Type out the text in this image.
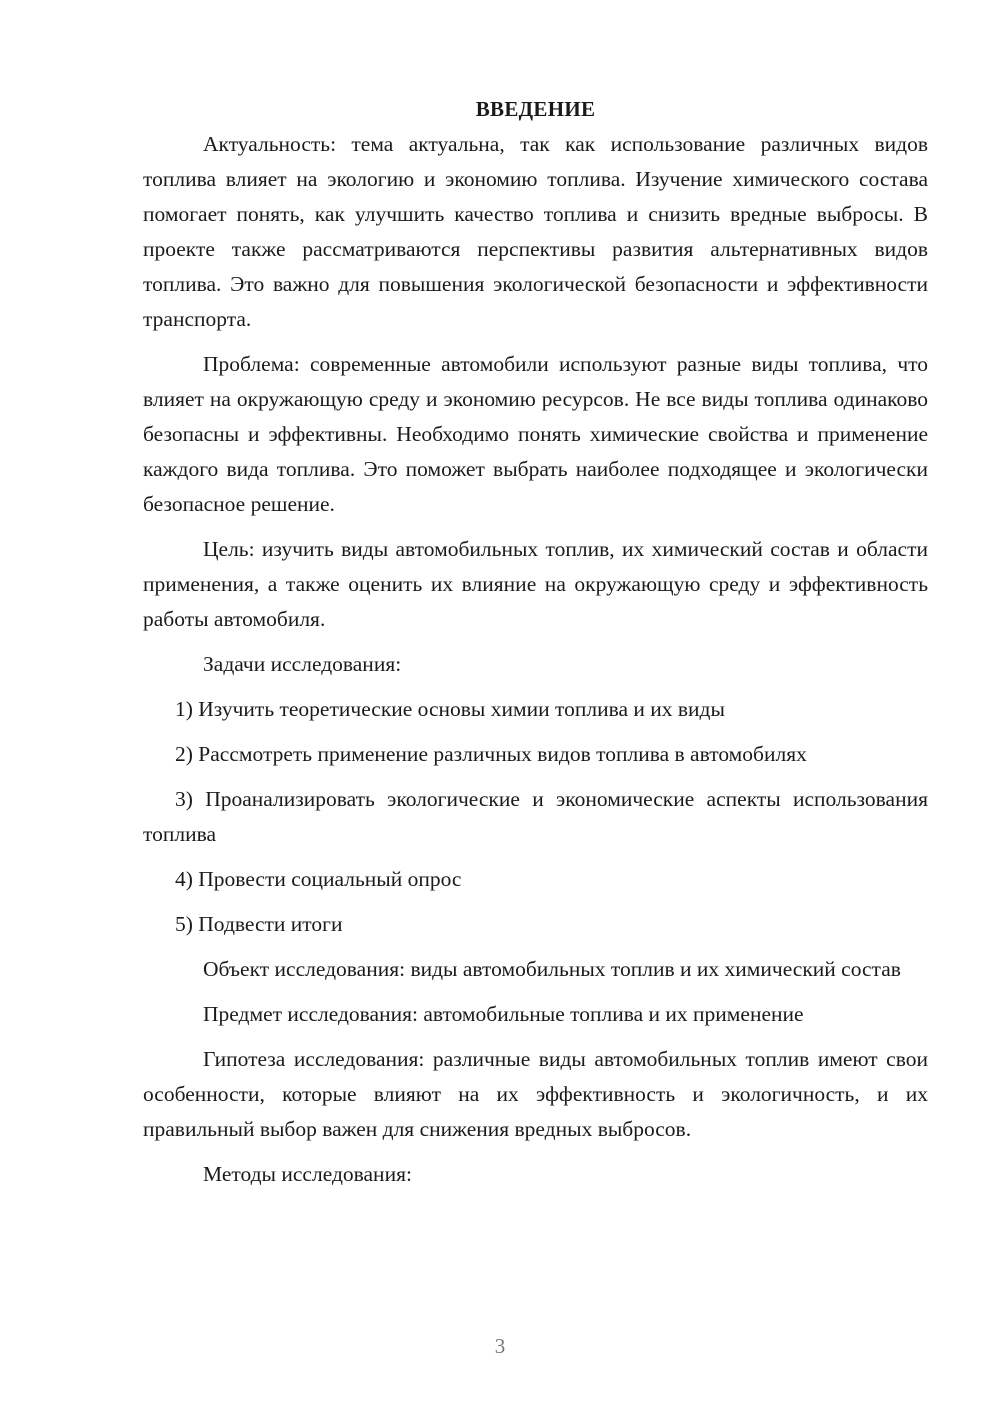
ВВЕДЕНИЕ

Актуальность: тема актуальна, так как использование различных видов топлива влияет на экологию и экономию топлива. Изучение химического состава помогает понять, как улучшить качество топлива и снизить вредные выбросы. В проекте также рассматриваются перспективы развития альтернативных видов топлива. Это важно для повышения экологической безопасности и эффективности транспорта.

Проблема: современные автомобили используют разные виды топлива, что влияет на окружающую среду и экономию ресурсов. Не все виды топлива одинаково безопасны и эффективны. Необходимо понять химические свойства и применение каждого вида топлива. Это поможет выбрать наиболее подходящее и экологически безопасное решение.

Цель: изучить виды автомобильных топлив, их химический состав и области применения, а также оценить их влияние на окружающую среду и эффективность работы автомобиля.

Задачи исследования:

1) Изучить теоретические основы химии топлива и их виды

2) Рассмотреть применение различных видов топлива в автомобилях

3) Проанализировать экологические и экономические аспекты использования топлива

4) Провести социальный опрос

5) Подвести итоги

Объект исследования: виды автомобильных топлив и их химический состав

Предмет исследования: автомобильные топлива и их применение

Гипотеза исследования: различные виды автомобильных топлив имеют свои особенности, которые влияют на их эффективность и экологичность, и их правильный выбор важен для снижения вредных выбросов.

Методы исследования:

3
